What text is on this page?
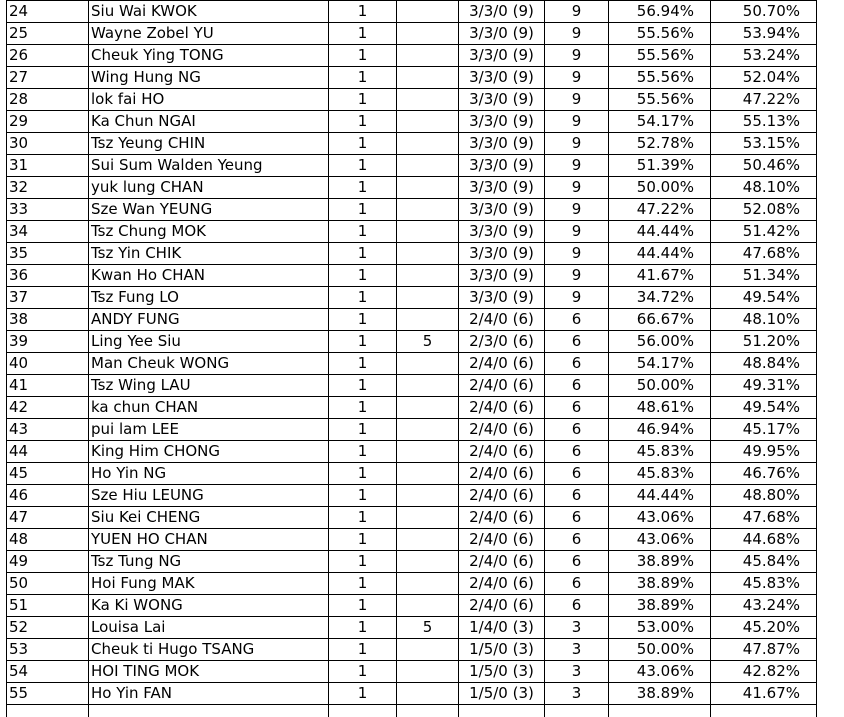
24	Siu Wai KWOK	1		3/3/0 (9)	9	56.94%	50.70%
25	Wayne Zobel YU	1		3/3/0 (9)	9	55.56%	53.94%
26	Cheuk Ying TONG	1		3/3/0 (9)	9	55.56%	53.24%
27	Wing Hung NG	1		3/3/0 (9)	9	55.56%	52.04%
28	lok fai HO	1		3/3/0 (9)	9	55.56%	47.22%
29	Ka Chun NGAI	1		3/3/0 (9)	9	54.17%	55.13%
30	Tsz Yeung CHIN	1		3/3/0 (9)	9	52.78%	53.15%
31	Sui Sum Walden Yeung	1		3/3/0 (9)	9	51.39%	50.46%
32	yuk lung CHAN	1		3/3/0 (9)	9	50.00%	48.10%
33	Sze Wan YEUNG	1		3/3/0 (9)	9	47.22%	52.08%
34	Tsz Chung MOK	1		3/3/0 (9)	9	44.44%	51.42%
35	Tsz Yin CHIK	1		3/3/0 (9)	9	44.44%	47.68%
36	Kwan Ho CHAN	1		3/3/0 (9)	9	41.67%	51.34%
37	Tsz Fung LO	1		3/3/0 (9)	9	34.72%	49.54%
38	ANDY FUNG	1		2/4/0 (6)	6	66.67%	48.10%
39	Ling Yee Siu	1	5	2/3/0 (6)	6	56.00%	51.20%
40	Man Cheuk WONG	1		2/4/0 (6)	6	54.17%	48.84%
41	Tsz Wing LAU	1		2/4/0 (6)	6	50.00%	49.31%
42	ka chun CHAN	1		2/4/0 (6)	6	48.61%	49.54%
43	pui lam LEE	1		2/4/0 (6)	6	46.94%	45.17%
44	King Him CHONG	1		2/4/0 (6)	6	45.83%	49.95%
45	Ho Yin NG	1		2/4/0 (6)	6	45.83%	46.76%
46	Sze Hiu LEUNG	1		2/4/0 (6)	6	44.44%	48.80%
47	Siu Kei CHENG	1		2/4/0 (6)	6	43.06%	47.68%
48	YUEN HO CHAN	1		2/4/0 (6)	6	43.06%	44.68%
49	Tsz Tung NG	1		2/4/0 (6)	6	38.89%	45.84%
50	Hoi Fung MAK	1		2/4/0 (6)	6	38.89%	45.83%
51	Ka Ki WONG	1		2/4/0 (6)	6	38.89%	43.24%
52	Louisa Lai	1	5	1/4/0 (3)	3	53.00%	45.20%
53	Cheuk ti Hugo TSANG	1		1/5/0 (3)	3	50.00%	47.87%
54	HOI TING MOK	1		1/5/0 (3)	3	43.06%	42.82%
55	Ho Yin FAN	1		1/5/0 (3)	3	38.89%	41.67%
